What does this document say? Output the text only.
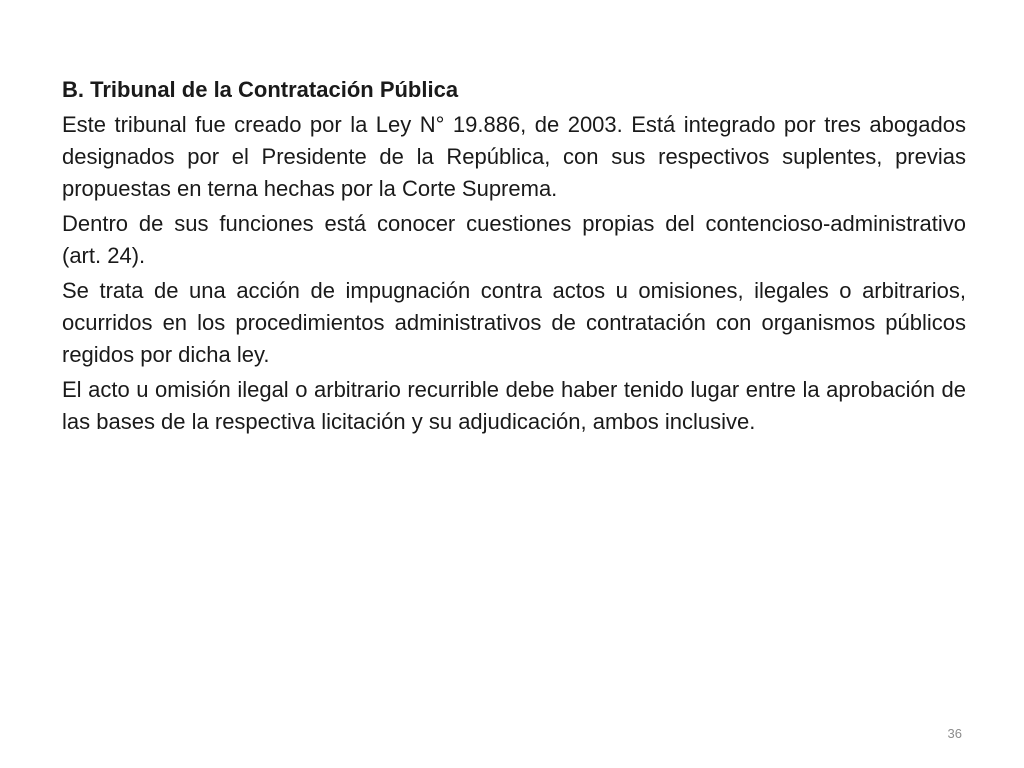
B. Tribunal de la Contratación Pública

Este tribunal fue creado por la Ley N° 19.886, de 2003. Está integrado por tres abogados designados por el Presidente de la República, con sus respectivos suplentes, previas propuestas en terna hechas por la Corte Suprema.

Dentro de sus funciones está conocer cuestiones propias del contencioso-administrativo (art. 24).

Se trata de una acción de impugnación contra actos u omisiones, ilegales o arbitrarios, ocurridos en los procedimientos administrativos de contratación con organismos públicos regidos por dicha ley.

El acto u omisión ilegal o arbitrario recurrible debe haber tenido lugar entre la aprobación de las bases de la respectiva licitación y su adjudicación, ambos inclusive.

36
